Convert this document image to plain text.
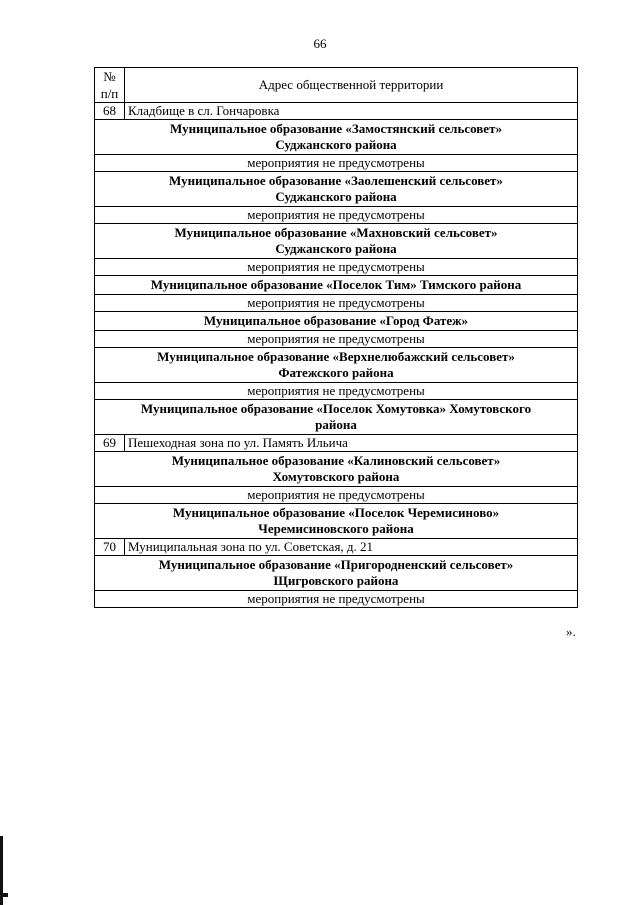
66
№
п/п	Адрес общественной территории
68	Кладбище в сл. Гончаровка

Муниципальное образование «Замостянский сельсовет»
Суджанского района	

мероприятия не предусмотрены	

Муниципальное образование «Заолешенский сельсовет»
Суджанского района	

мероприятия не предусмотрены	

Муниципальное образование «Махновский сельсовет»
Суджанского района	

мероприятия не предусмотрены	

Муниципальное образование «Поселок Тим» Тимского района	

мероприятия не предусмотрены	

Муниципальное образование «Город Фатеж»	

мероприятия не предусмотрены	

Муниципальное образование «Верхнелюбажский сельсовет»
Фатежского района	

мероприятия не предусмотрены	

Муниципальное образование «Поселок Хомутовка» Хомутовского
района	

69	Пешеходная зона по ул. Память Ильича

Муниципальное образование «Калиновский сельсовет»
Хомутовского района	

мероприятия не предусмотрены	

Муниципальное образование «Поселок Черемисиново»
Черемисиновского района	

70	Муниципальная зона по ул. Советская, д. 21

Муниципальное образование «Пригородненский сельсовет»
Щигровского района	

мероприятия не предусмотрены	
».
